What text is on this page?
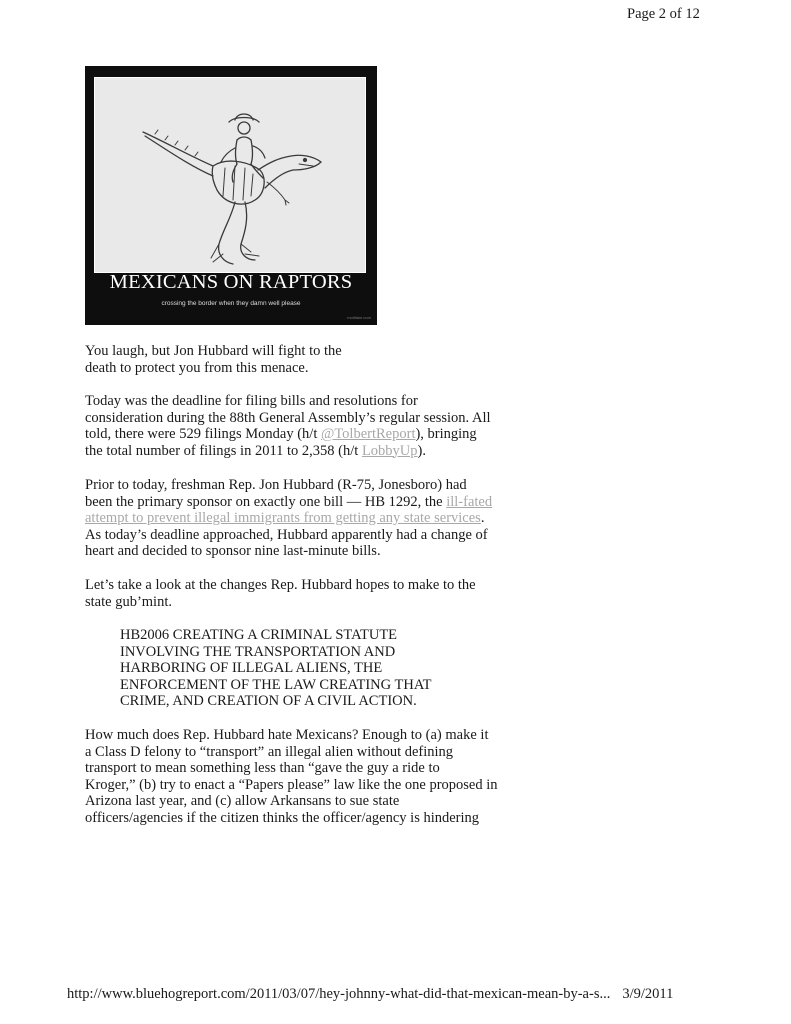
Page 2 of 12
MEXICANS ON RAPTORS
crossing the border when they damn well please
motifake.com
You laugh, but Jon Hubbard will fight to the
death to protect you from this menace.
Today was the deadline for filing bills and resolutions for
consideration during the 88th General Assembly’s regular session. All
told, there were 529 filings Monday (h/t @TolbertReport), bringing
the total number of filings in 2011 to 2,358 (h/t LobbyUp).
Prior to today, freshman Rep. Jon Hubbard (R-75, Jonesboro) had
been the primary sponsor on exactly one bill — HB 1292, the ill-fated
attempt to prevent illegal immigrants from getting any state services.
As today’s deadline approached, Hubbard apparently had a change of
heart and decided to sponsor nine last-minute bills.
Let’s take a look at the changes Rep. Hubbard hopes to make to the
state gub’mint.
HB2006 CREATING A CRIMINAL STATUTE
INVOLVING THE TRANSPORTATION AND
HARBORING OF ILLEGAL ALIENS, THE
ENFORCEMENT OF THE LAW CREATING THAT
CRIME, AND CREATION OF A CIVIL ACTION.
How much does Rep. Hubbard hate Mexicans? Enough to (a) make it
a Class D felony to “transport” an illegal alien without defining
transport to mean something less than “gave the guy a ride to
Kroger,” (b) try to enact a “Papers please” law like the one proposed in
Arizona last year, and (c) allow Arkansans to sue state
officers/agencies if the citizen thinks the officer/agency is hindering
http://www.bluehogreport.com/2011/03/07/hey-johnny-what-did-that-mexican-mean-by-a-s... 3/9/2011
